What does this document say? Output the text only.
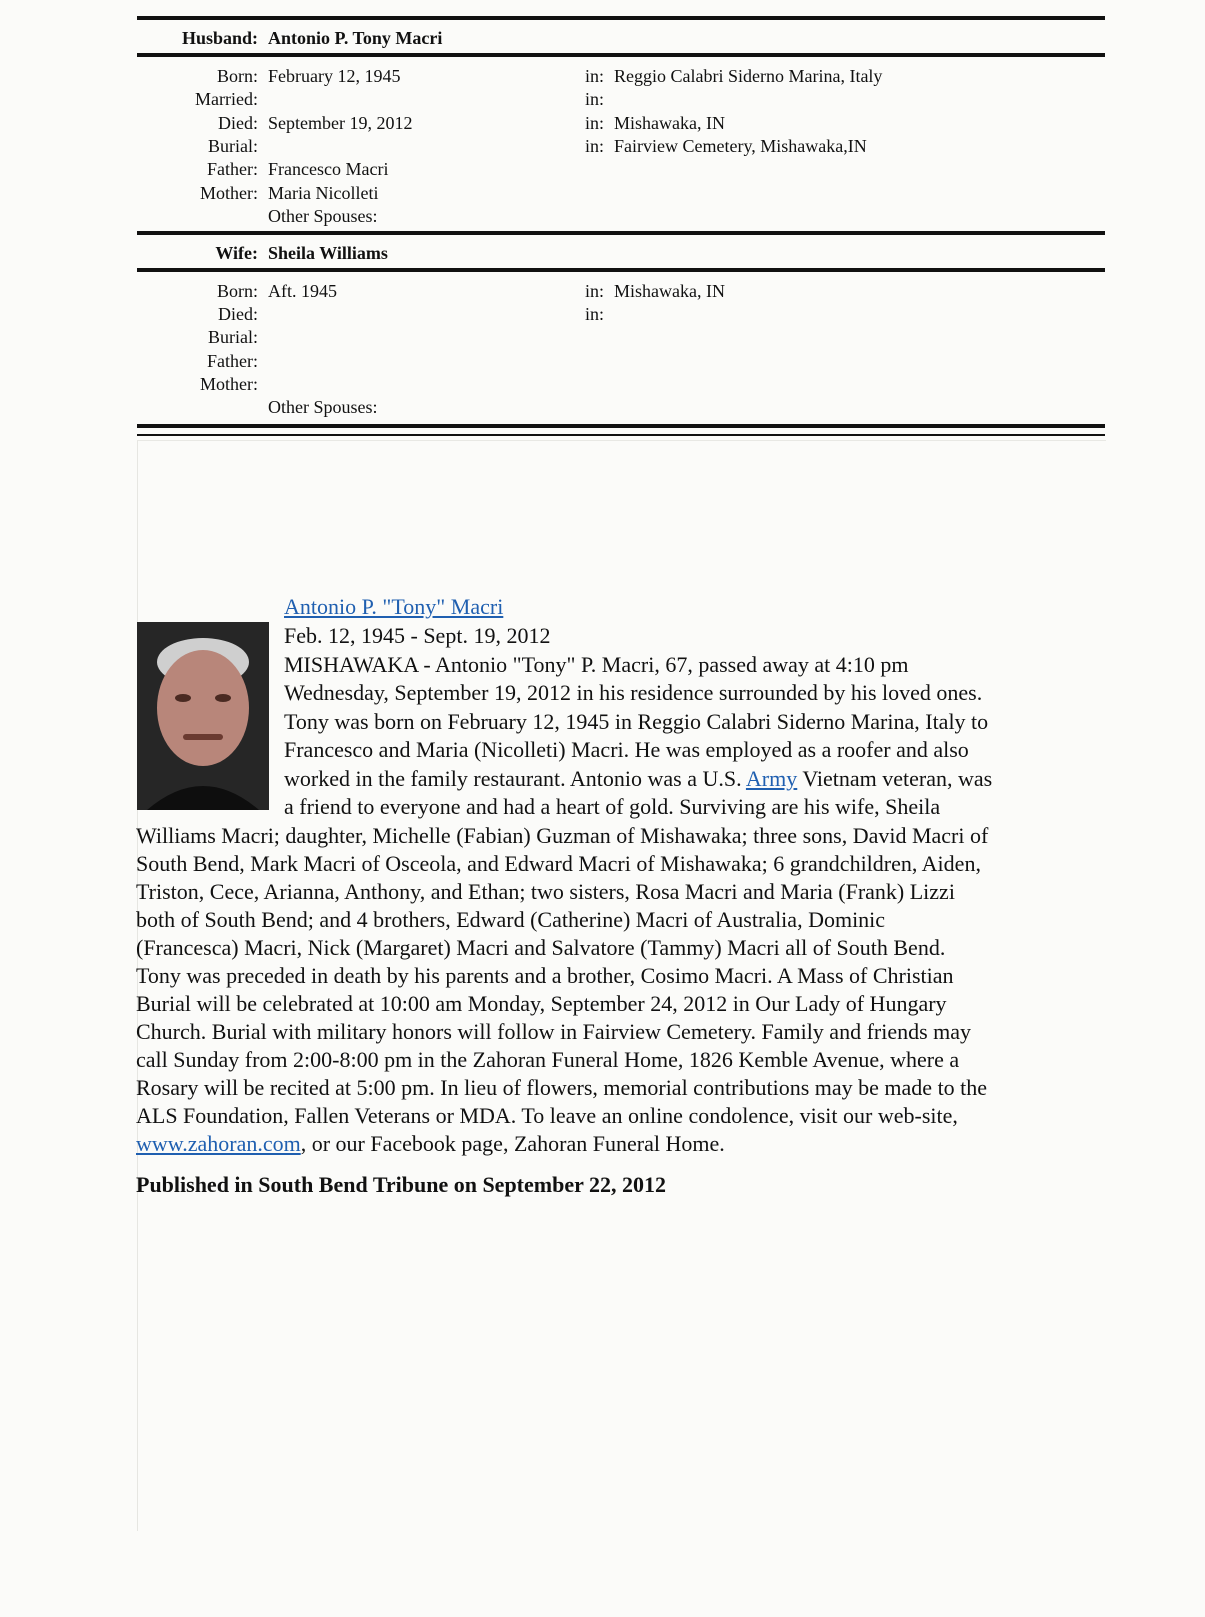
Husband: Antonio P. Tony Macri
Born: February 12, 1945	in: Reggio Calabri Siderno Marina, Italy
Married:	in:
Died: September 19, 2012	in: Mishawaka, IN
Burial:	in: Fairview Cemetery, Mishawaka,IN
Father: Francesco Macri
Mother: Maria Nicolleti
Other Spouses:
Wife: Sheila Williams
Born: Aft. 1945	in: Mishawaka, IN
Died:	in:
Burial:
Father:
Mother:
Other Spouses:
Antonio P. "Tony" Macri
Feb. 12, 1945 - Sept. 19, 2012
MISHAWAKA - Antonio "Tony" P. Macri, 67, passed away at 4:10 pm
Wednesday, September 19, 2012 in his residence surrounded by his loved ones.
Tony was born on February 12, 1945 in Reggio Calabri Siderno Marina, Italy to
Francesco and Maria (Nicolleti) Macri. He was employed as a roofer and also
worked in the family restaurant. Antonio was a U.S. Army Vietnam veteran, was
a friend to everyone and had a heart of gold. Surviving are his wife, Sheila
Williams Macri; daughter, Michelle (Fabian) Guzman of Mishawaka; three sons, David Macri of
South Bend, Mark Macri of Osceola, and Edward Macri of Mishawaka; 6 grandchildren, Aiden,
Triston, Cece, Arianna, Anthony, and Ethan; two sisters, Rosa Macri and Maria (Frank) Lizzi
both of South Bend; and 4 brothers, Edward (Catherine) Macri of Australia, Dominic
(Francesca) Macri, Nick (Margaret) Macri and Salvatore (Tammy) Macri all of South Bend.
Tony was preceded in death by his parents and a brother, Cosimo Macri. A Mass of Christian
Burial will be celebrated at 10:00 am Monday, September 24, 2012 in Our Lady of Hungary
Church. Burial with military honors will follow in Fairview Cemetery. Family and friends may
call Sunday from 2:00-8:00 pm in the Zahoran Funeral Home, 1826 Kemble Avenue, where a
Rosary will be recited at 5:00 pm. In lieu of flowers, memorial contributions may be made to the
ALS Foundation, Fallen Veterans or MDA. To leave an online condolence, visit our web-site,
www.zahoran.com, or our Facebook page, Zahoran Funeral Home.
Published in South Bend Tribune on September 22, 2012
